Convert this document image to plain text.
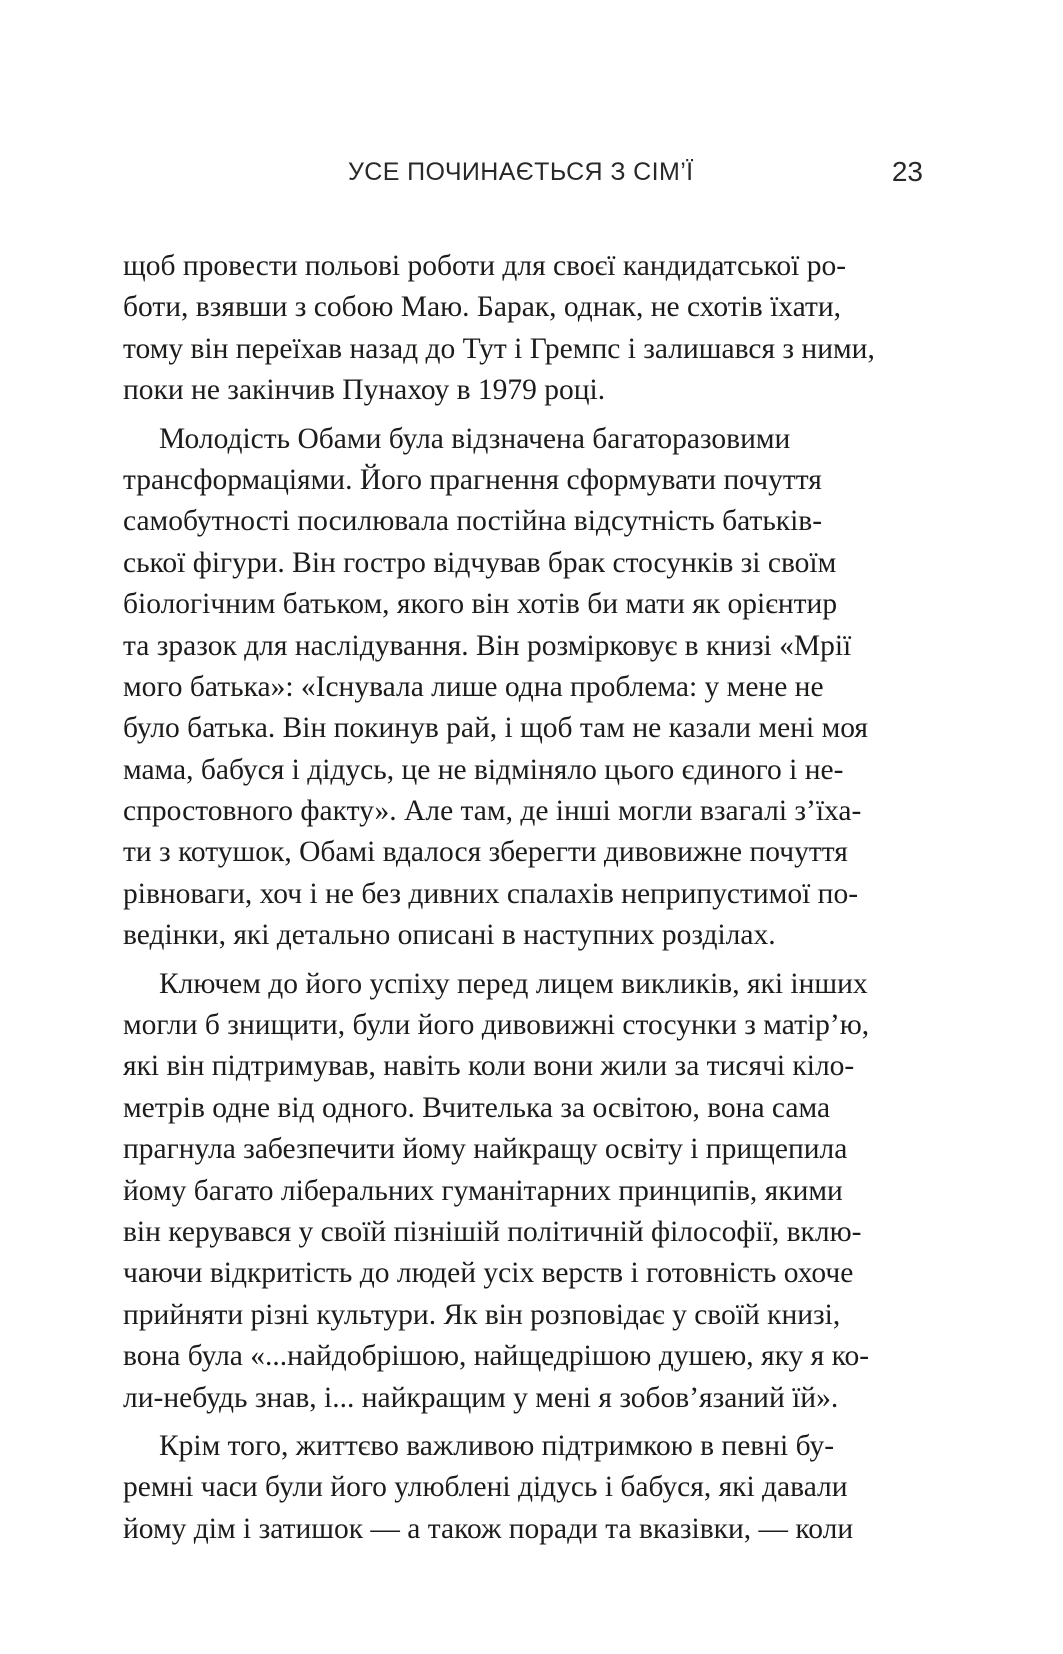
УСЕ ПОЧИНАЄТЬСЯ З СІМ’Ї	23
щоб провести польові роботи для своєї кандидатської ро-
боти, взявши з собою Маю. Барак, однак, не схотів їхати,
тому він переїхав назад до Тут і Гремпс і залишався з ними,
поки не закінчив Пунахоу в 1979 році.
Молодість Обами була відзначена багаторазовими
трансформаціями. Його прагнення сформувати почуття
самобутності посилювала постійна відсутність батьків-
ської фігури. Він гостро відчував брак стосунків зі своїм
біологічним батьком, якого він хотів би мати як орієнтир
та зразок для наслідування. Він розмірковує в книзі «Мрії
мого батька»: «Існувала лише одна проблема: у мене не
було батька. Він покинув рай, і щоб там не казали мені моя
мама, бабуся і дідусь, це не відміняло цього єдиного і не-
спростовного факту». Але там, де інші могли взагалі з’їха-
ти з котушок, Обамі вдалося зберегти дивовижне почуття
рівноваги, хоч і не без дивних спалахів неприпустимої по-
ведінки, які детально описані в наступних розділах.
Ключем до його успіху перед лицем викликів, які інших
могли б знищити, були його дивовижні стосунки з матір’ю,
які він підтримував, навіть коли вони жили за тисячі кіло-
метрів одне від одного. Вчителька за освітою, вона сама
прагнула забезпечити йому найкращу освіту і прищепила
йому багато ліберальних гуманітарних принципів, якими
він керувався у своїй пізнішій політичній філософії, вклю-
чаючи відкритість до людей усіх верств і готовність охоче
прийняти різні культури. Як він розповідає у своїй книзі,
вона була «...найдобрішою, найщедрішою душею, яку я ко-
ли-небудь знав, і... найкращим у мені я зобов’язаний їй».
Крім того, життєво важливою підтримкою в певні бу-
ремні часи були його улюблені дідусь і бабуся, які давали
йому дім і затишок — а також поради та вказівки, — коли
